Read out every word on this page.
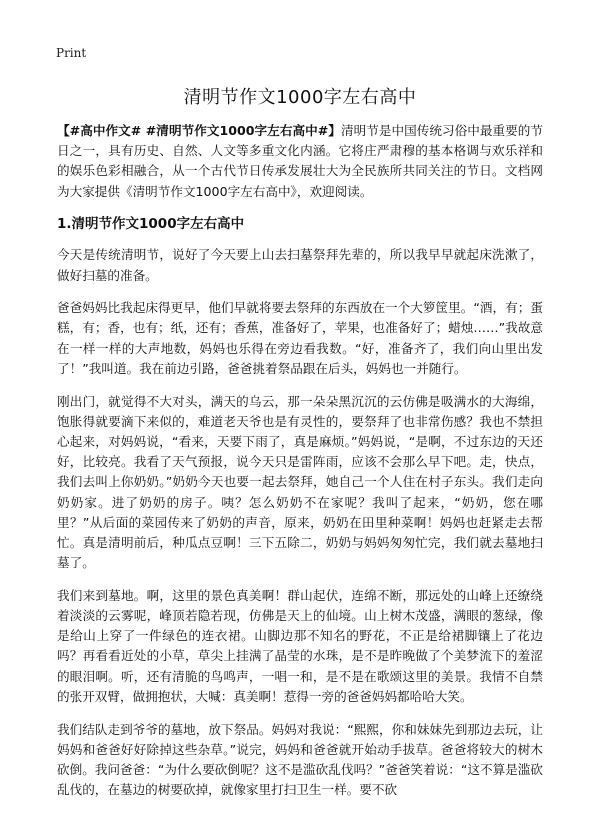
Print
清明节作文1000字左右高中

【#高中作文# #清明节作文1000字左右高中#】清明节是中国传统习俗中最重要的节日之一，具有历史、自然、人文等多重文化内涵。它将庄严肃穆的基本格调与欢乐祥和的娱乐色彩相融合，从一个古代节日传承发展壮大为全民族所共同关注的节日。文档网为大家提供《清明节作文1000字左右高中》，欢迎阅读。

1.清明节作文1000字左右高中

今天是传统清明节，说好了今天要上山去扫墓祭拜先辈的，所以我早早就起床洗漱了，做好扫墓的准备。

爸爸妈妈比我起床得更早，他们早就将要去祭拜的东西放在一个大箩筐里。“酒，有；蛋糕，有；香，也有；纸，还有；香蕉，准备好了，苹果，也准备好了；蜡烛……”我故意在一样一样的大声地数，妈妈也乐得在旁边看我数。“好，准备齐了，我们向山里出发了！”我叫道。我在前边引路，爸爸挑着祭品跟在后头，妈妈也一并随行。

刚出门，就觉得不大对头，满天的乌云，那一朵朵黑沉沉的云仿佛是吸满水的大海绵，饱胀得就要滴下来似的，难道老天爷也是有灵性的，要祭拜了也非常伤感？我也不禁担心起来，对妈妈说，“看来，天要下雨了，真是麻烦。”妈妈说，“是啊，不过东边的天还好，比较亮。我看了天气预报，说今天只是雷阵雨，应该不会那么早下吧。走，快点，我们去叫上你奶奶。”奶奶今天也要一起去祭拜，她自己一个人住在村子东头。我们走向奶奶家。进了奶奶的房子。咦？怎么奶奶不在家呢？我叫了起来，“奶奶，您在哪里？”从后面的菜园传来了奶奶的声音，原来，奶奶在田里种菜啊！妈妈也赶紧走去帮忙。真是清明前后，种瓜点豆啊！三下五除二，奶奶与妈妈匆匆忙完，我们就去墓地扫墓了。

我们来到墓地。啊，这里的景色真美啊！群山起伏，连绵不断，那远处的山峰上还缭绕着淡淡的云雾呢，峰顶若隐若现，仿佛是天上的仙境。山上树木茂盛，满眼的葱绿，像是给山上穿了一件绿色的连衣裙。山脚边那不知名的野花，不正是给裙脚镶上了花边吗？再看看近处的小草，草尖上挂满了晶莹的水珠，是不是昨晚做了个美梦流下的羞涩的眼泪啊。听，还有清脆的鸟鸣声，一唱一和，是不是在歌颂这里的美景。我情不自禁的张开双臂，做拥抱状，大喊：真美啊！惹得一旁的爸爸妈妈都哈哈大笑。

我们结队走到爷爷的墓地，放下祭品。妈妈对我说：“熙熙，你和妹妹先到那边去玩，让妈妈和爸爸好好除掉这些杂草。”说完，妈妈和爸爸就开始动手拔草。爸爸将较大的树木砍倒。我问爸爸：“为什么要砍倒呢？这不是滥砍乱伐吗？”爸爸笑着说：“这不算是滥砍乱伐的，在墓边的树要砍掉，就像家里打扫卫生一样。要不砍
